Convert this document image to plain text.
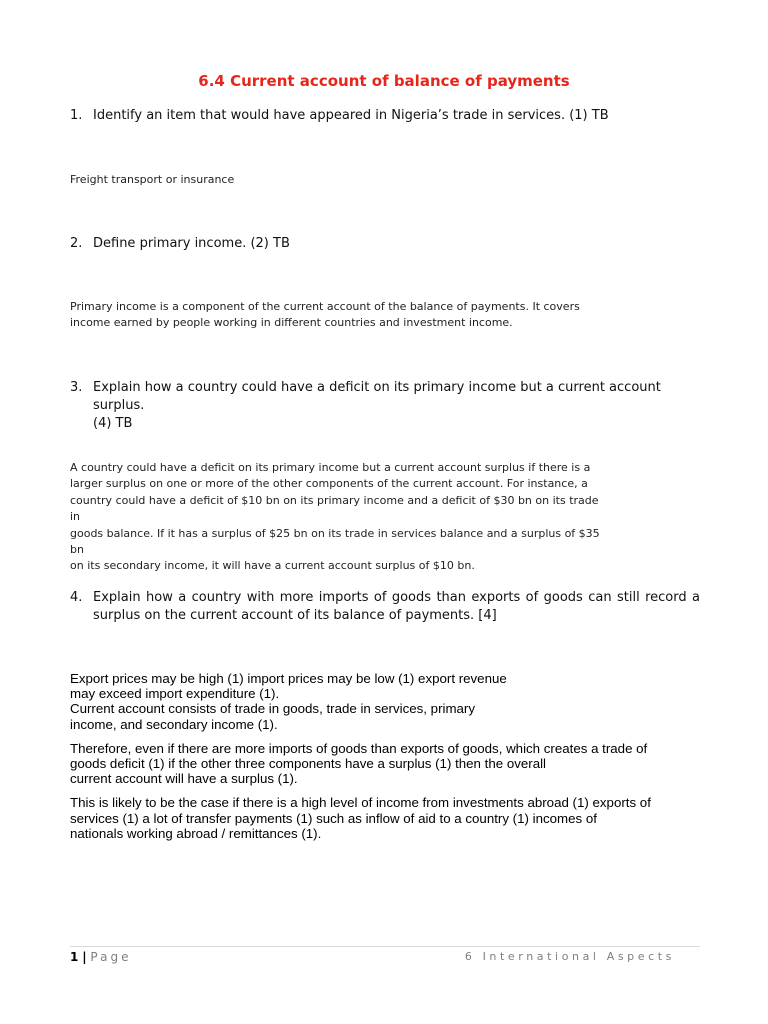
6.4 Current account of balance of payments
1. Identify an item that would have appeared in Nigeria’s trade in services. (1) TB
Freight transport or insurance
2. Define primary income. (2) TB
Primary income is a component of the current account of the balance of payments. It covers
income earned by people working in different countries and investment income.
3. Explain how a country could have a deficit on its primary income but a current account surplus.
(4) TB
A country could have a deficit on its primary income but a current account surplus if there is a
larger surplus on one or more of the other components of the current account. For instance, a
country could have a deficit of $10 bn on its primary income and a deficit of $30 bn on its trade in
goods balance. If it has a surplus of $25 bn on its trade in services balance and a surplus of $35 bn
on its secondary income, it will have a current account surplus of $10 bn.
4. Explain how a country with more imports of goods than exports of goods can still record a surplus on the current account of its balance of payments. [4]

Export prices may be high (1) import prices may be low (1) export revenue
may exceed import expenditure (1).
Current account consists of trade in goods, trade in services, primary
income, and secondary income (1).

Therefore, even if there are more imports of goods than exports of goods, which creates a trade of
goods deficit (1) if the other three components have a surplus (1) then the overall
current account will have a surplus (1).

This is likely to be the case if there is a high level of income from investments abroad (1) exports of
services (1) a lot of transfer payments (1) such as inflow of aid to a country (1) incomes of
nationals working abroad / remittances (1).

1 | Page	6 International Aspects
